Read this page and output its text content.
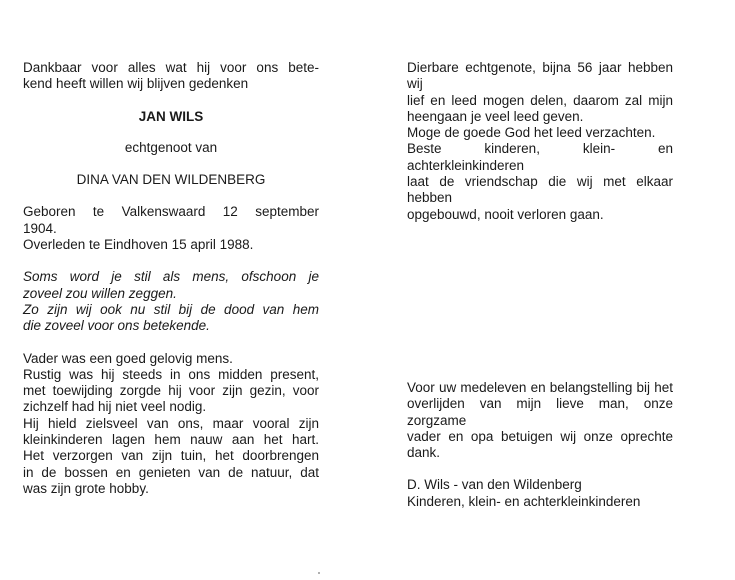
Dankbaar voor alles wat hij voor ons bete-
kend heeft willen wij blijven gedenken
JAN WILS
echtgenoot van
DINA VAN DEN WILDENBERG
Geboren te Valkenswaard 12 september
1904.
Overleden te Eindhoven 15 april 1988.
Soms word je stil als mens, ofschoon je
zoveel zou willen zeggen.
Zo zijn wij ook nu stil bij de dood van hem
die zoveel voor ons betekende.
Vader was een goed gelovig mens.
Rustig was hij steeds in ons midden present,
met toewijding zorgde hij voor zijn gezin, voor
zichzelf had hij niet veel nodig.
Hij hield zielsveel van ons, maar vooral zijn
kleinkinderen lagen hem nauw aan het hart.
Het verzorgen van zijn tuin, het doorbrengen
in de bossen en genieten van de natuur, dat
was zijn grote hobby.
Dierbare echtgenote, bijna 56 jaar hebben wij
lief en leed mogen delen, daarom zal mijn
heengaan je veel leed geven.
Moge de goede God het leed verzachten.
Beste kinderen, klein- en achterkleinkinderen
laat de vriendschap die wij met elkaar hebben
opgebouwd, nooit verloren gaan.
Voor uw medeleven en belangstelling bij het
overlijden van mijn lieve man, onze zorgzame
vader en opa betuigen wij onze oprechte
dank.
D. Wils - van den Wildenberg
Kinderen, klein- en achterkleinkinderen
